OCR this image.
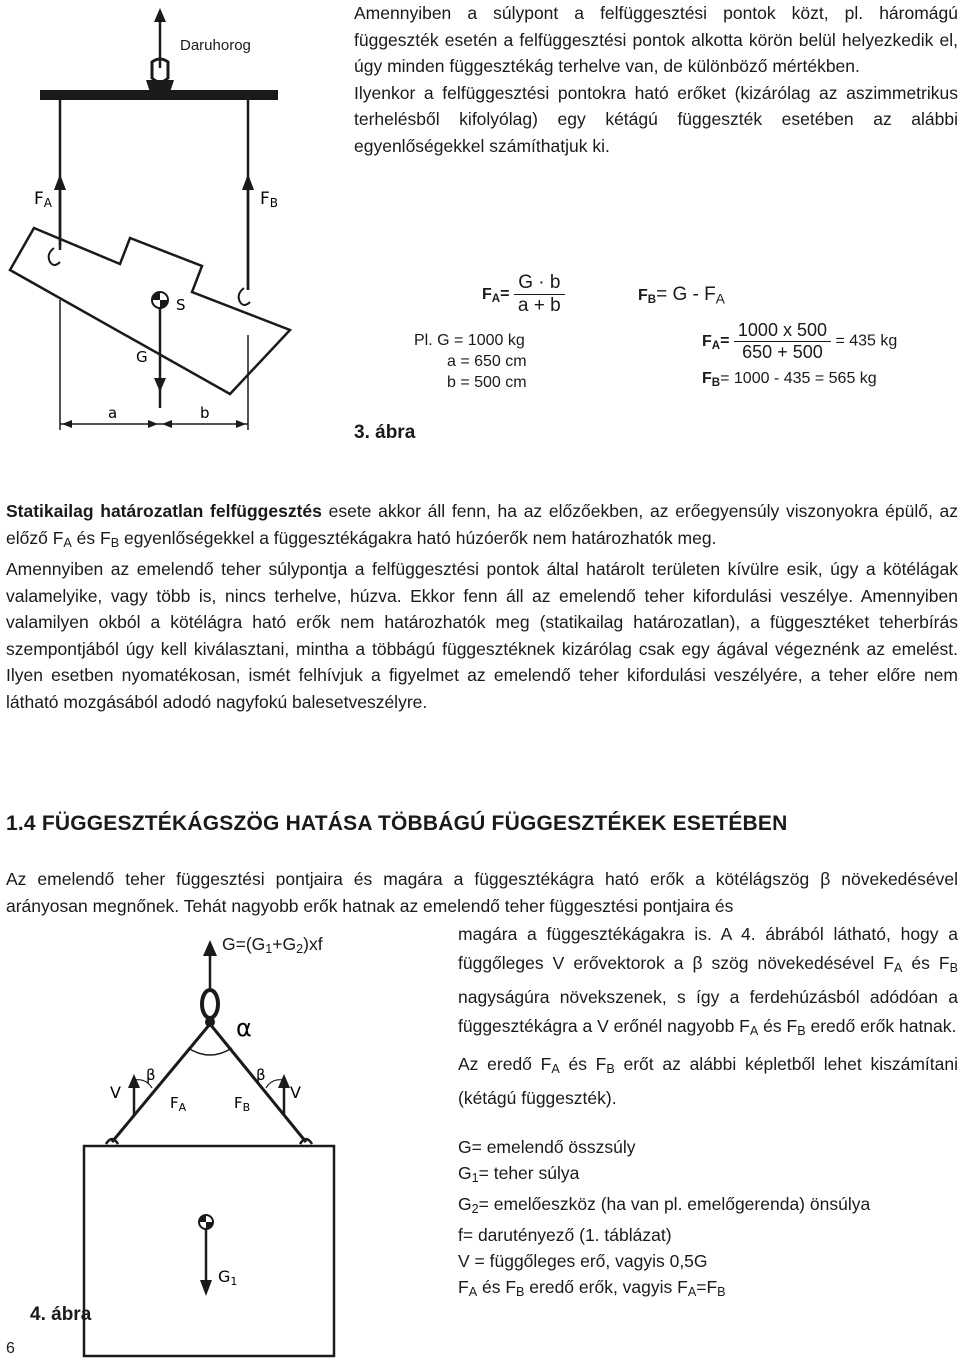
FA	FB
S
G
a	b
Daruhorog
3. ábra

Amennyiben a súlypont a felfüggesztési pontok közt, pl. háromágú függeszték esetén a felfüggesztési pontok alkotta körön belül helyezkedik el, úgy minden függesztékág terhelve van, de különböző mértékben.

Ilyenkor a felfüggesztési pontokra ható erőket (kizárólag az aszimmetrikus terhelésből kifolyólag) egy kétágú függeszték esetében az alábbi egyenlőségekkel számíthatjuk ki.

$F_A= \frac{G \cdot b}{a + b}$	$F_B= G - F_A$
Pl. G = 1000 kg
a = 650 cm
b = 500 cm
$F_A= \frac{1000 x 500}{650 + 500} = 435$ kg
$F_B= 1000 - 435 = 565$ kg

Statikailag határozatlan felfüggesztés esete akkor áll fenn, ha az előzőekben, az erőegyensúly viszonyokra épülő, az előző $F_A$ és $F_B$ egyenlőségekkel a függesztékágakra ható húzóerők nem határozhatók meg.

Amennyiben az emelendő teher súlypontja a felfüggesztési pontok által határolt területen kívülre esik, úgy a kötélágak valamelyike, vagy több is, nincs terhelve, húzva. Ekkor fenn áll az emelendő teher kifordulási veszélye. Amennyiben valamilyen okból a kötélágra ható erők nem határozhatók meg (statikailag határozatlan), a függesztéket teherbírás szempontjából úgy kell kiválasztani, mintha a többágú függesztéknek kizárólag csak egy ágával végeznénk az emelést. Ilyen esetben nyomatékosan, ismét felhívjuk a figyelmet az emelendő teher kifordulási veszélyére, a teher előre nem látható mozgásából adodó nagyfokú balesetveszélyre.

1.4 FÜGGESZTÉKÁGSZÖG HATÁSA TÖBBÁGÚ FÜGGESZTÉKEK ESETÉBEN

Az emelendő teher függesztési pontjaira és magára a függesztékágra ható erők a kötélágszög β növekedésével arányosan megnőnek. Tehát nagyobb erők hatnak az emelendő teher függesztési pontjaira és

magára a függesztékágakra is. A 4. ábrából látható, hogy a függőleges V erővektorok a β szög növekedésével $F_A$ és $F_B$ nagyságúra növekszenek, s így a ferdehúzásból adódóan a függesztékágra a V erőnél nagyobb $F_A$ és $F_B$ eredő erők hatnak.

Az eredő $F_A$ és $F_B$ erőt az alábbi képletből lehet kiszámítani (kétágú függeszték).

G= emelendő összsúly
$G_1=$ teher súlya
$G_2=$ emelőeszköz (ha van pl. emelőgerenda) önsúlya
f= darutényező (1. táblázat)
V = függőleges erő, vagyis 0,5G
$F_A$ és $F_B$ eredő erők, vagyis $F_A=F_B$
$G=(G_1+G_2)xf$
α
β	β
V	V
$F_A$	$F_B$
G1
4. ábra
6
